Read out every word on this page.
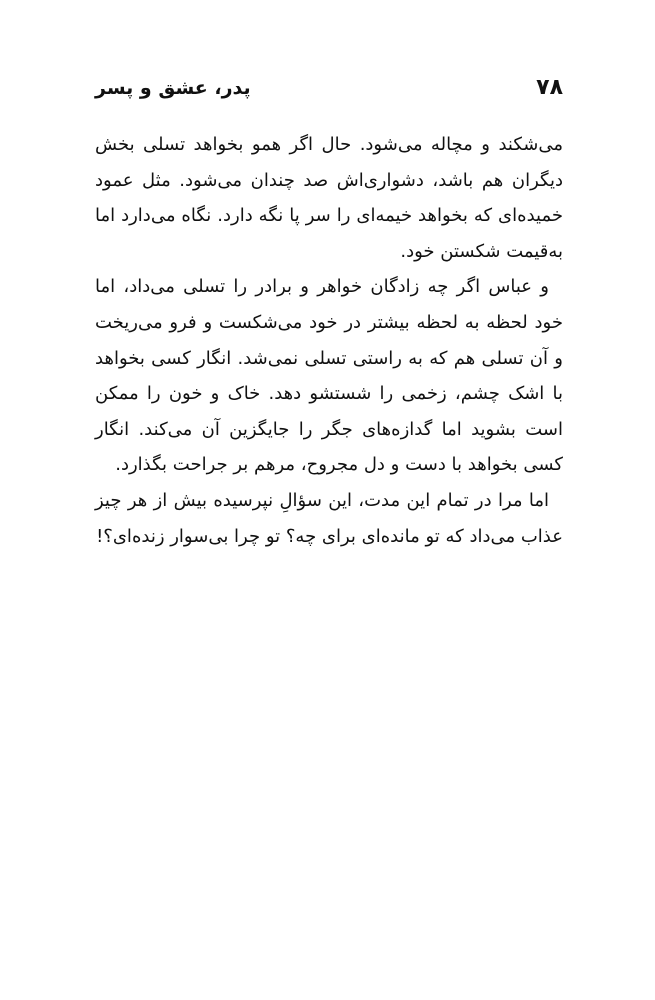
۷۸
پدر، عشق و پسر

می‌شکند و مچاله می‌شود. حال اگر همو بخواهد تسلی بخش دیگران هم باشد، دشواری‌اش صد چندان می‌شود. مثل عمود خمیده‌ای که بخواهد خیمه‌ای را سر پا نگه دارد. نگاه می‌دارد اما به‌قیمت شکستن خود.

و عباس اگر چه زادگان خواهر و برادر را تسلی می‌داد، اما خود لحظه به لحظه بیشتر در خود می‌شکست و فرو می‌ریخت و آن تسلی هم که به راستی تسلی نمی‌شد. انگار کسی بخواهد با اشک چشم، زخمی را شستشو دهد. خاک و خون را ممکن است بشوید اما گدازه‌های جگر را جایگزین آن می‌کند. انگار کسی بخواهد با دست و دل مجروح، مرهم بر جراحت بگذارد.

اما مرا در تمام این مدت، این سؤالِ نپرسیده بیش از هر چیز عذاب می‌داد که تو مانده‌ای برای چه؟ تو چرا بی‌سوار زنده‌ای؟!
